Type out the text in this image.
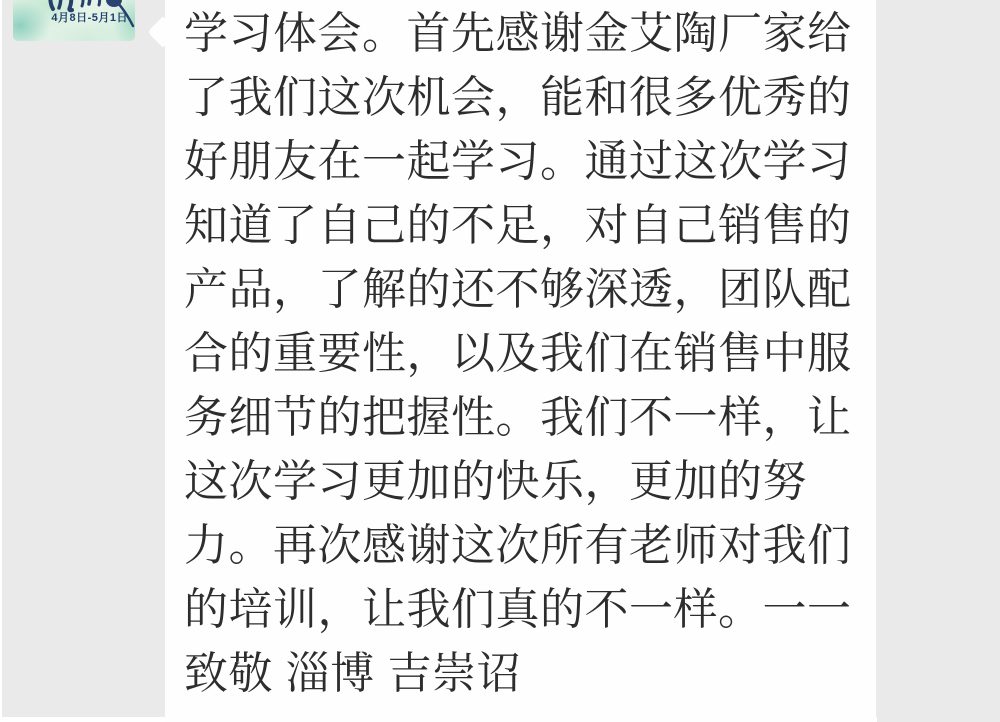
4月8日-5月1日 学习体会。首先感谢金艾陶厂家给了我们这次机会，能和很多优秀的好朋友在一起学习。通过这次学习知道了自己的不足，对自己销售的产品，了解的还不够深透，团队配合的重要性，以及我们在销售中服务细节的把握性。我们不一样，让这次学习更加的快乐，更加的努力。再次感谢这次所有老师对我们的培训，让我们真的不一样。一一 致敬 淄博 吉崇诏
